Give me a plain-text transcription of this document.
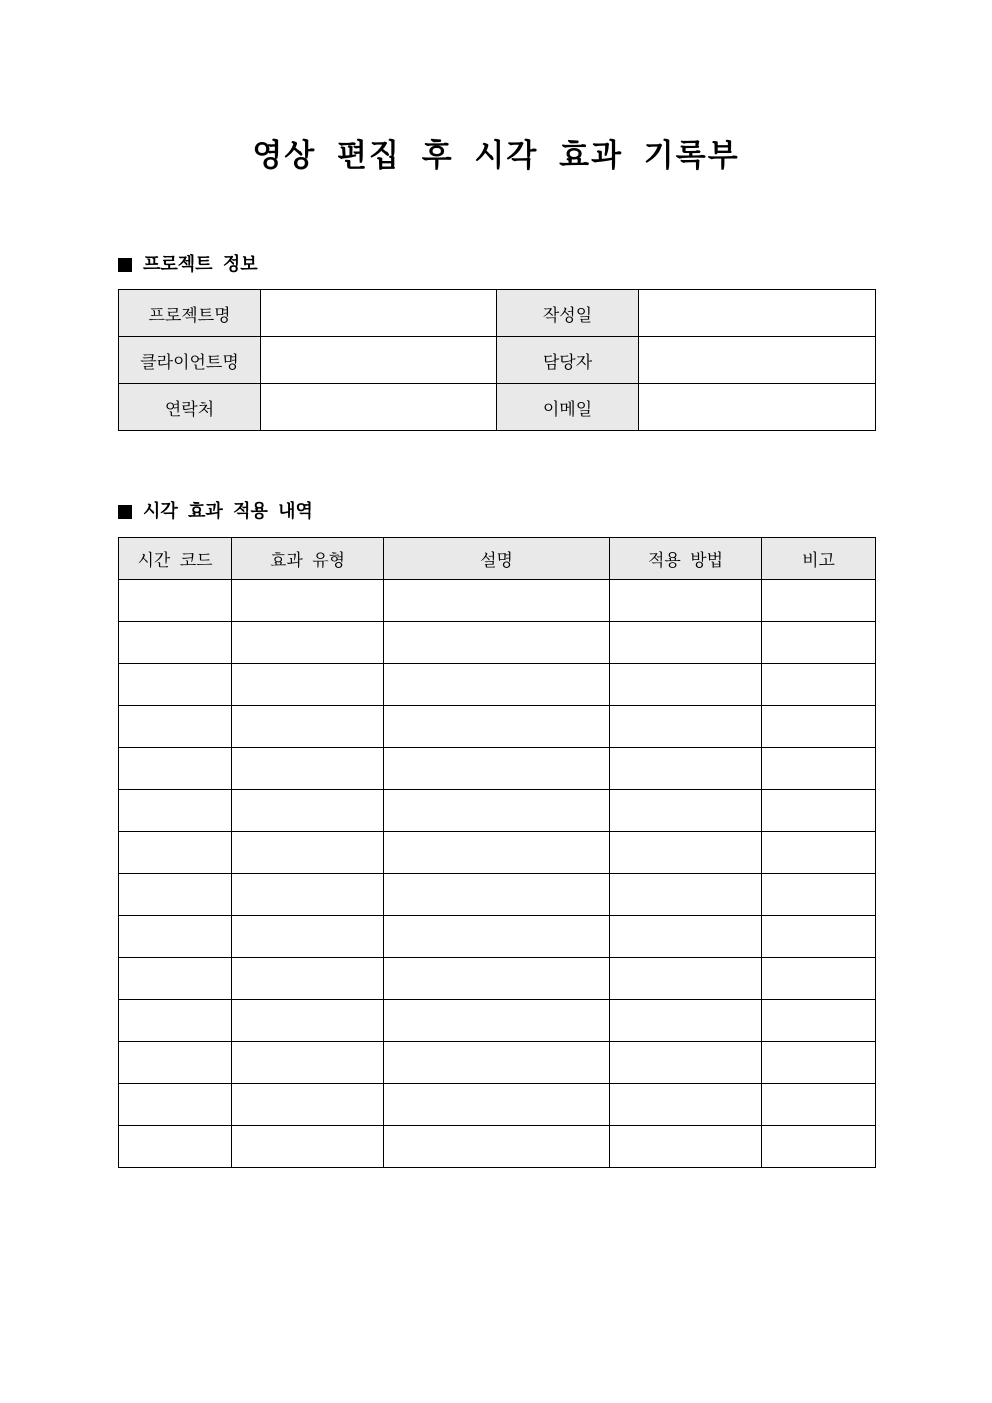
영상 편집 후 시각 효과 기록부
프로젝트 정보
프로젝트명		작성일	
클라이언트명		담당자	
연락처		이메일	
시각 효과 적용 내역
시간 코드	효과 유형	설명	적용 방법	비고
